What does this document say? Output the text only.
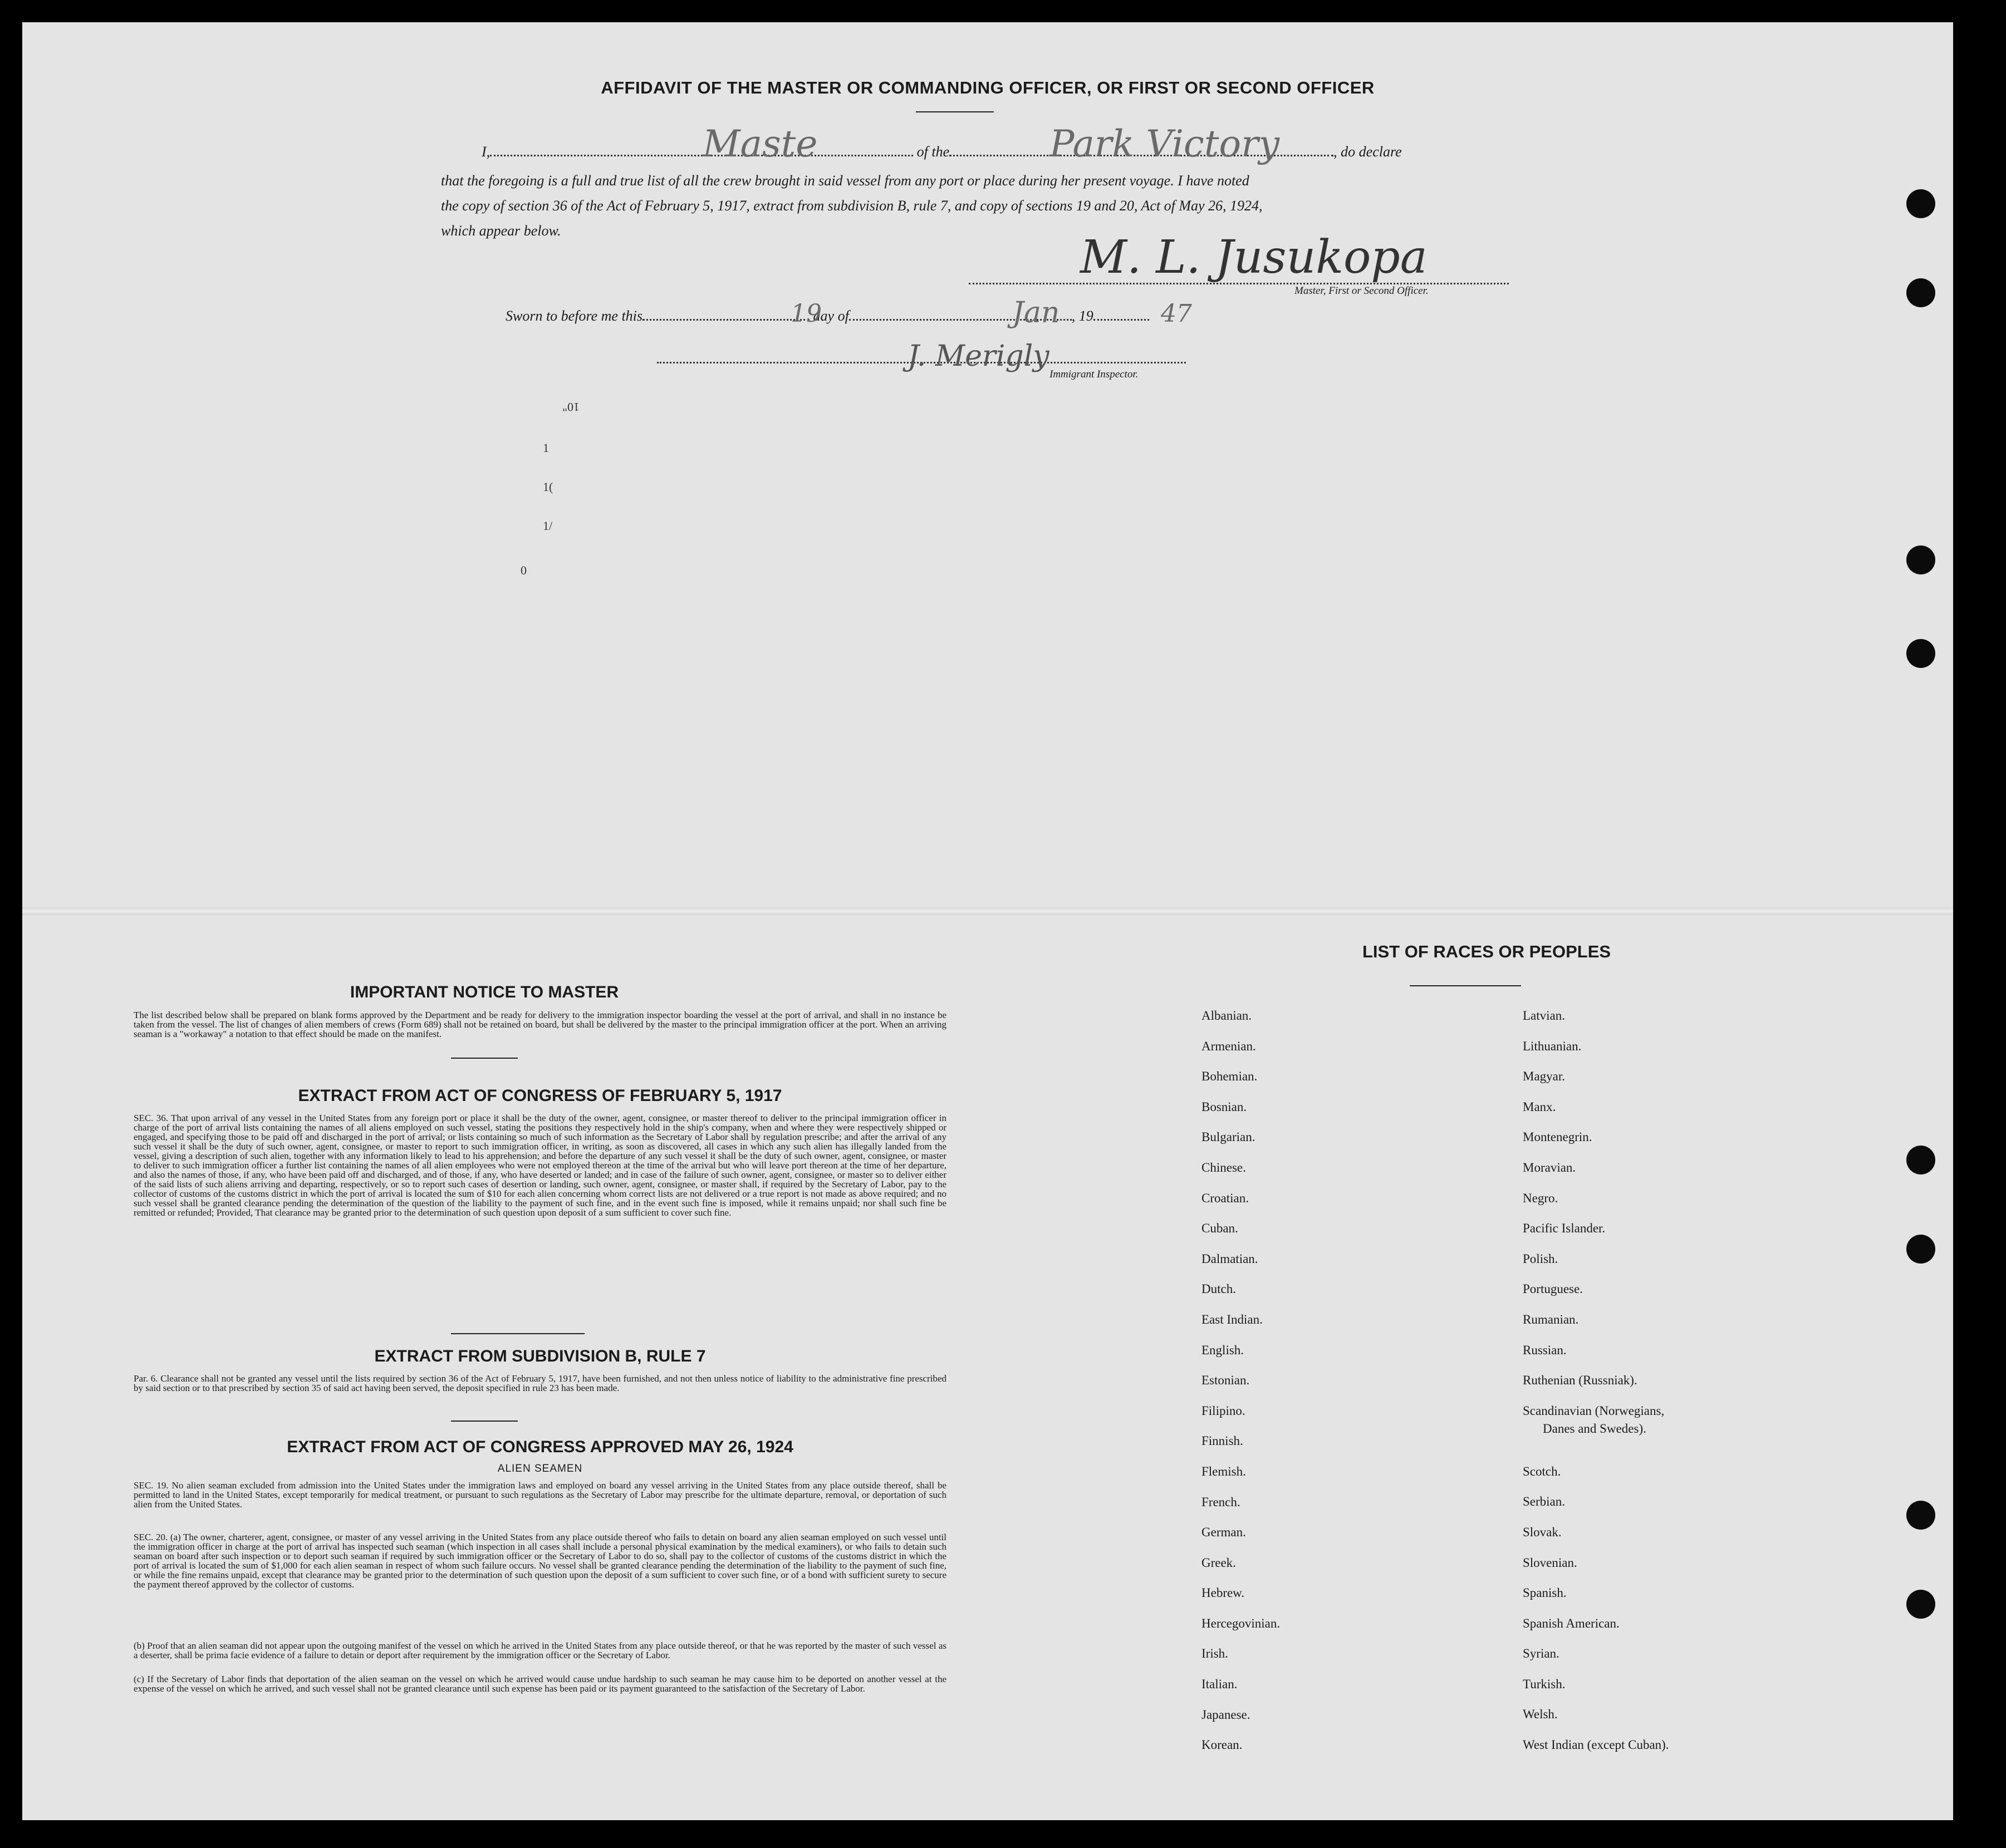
AFFIDAVIT OF THE MASTER OR COMMANDING OFFICER, OR FIRST OR SECOND OFFICER
I,	of the	, do declare
Maste	Park Victory
that the foregoing is a full and true list of all the crew brought in said vessel from any port or place during her present voyage. I have noted
the copy of section 36 of the Act of February 5, 1917, extract from subdivision B, rule 7, and copy of sections 19 and 20, Act of May 26, 1924,
which appear below.
M. L. Jusukopa
Master, First or Second Officer.
Sworn to before me this	day of	, 19
19	Jan	47
J. Merigly
Immigrant Inspector.
10"
1
1(
1/
0
IMPORTANT NOTICE TO MASTER

The list described below shall be prepared on blank forms approved by the Department and be ready for delivery to the immigration inspector boarding the vessel at the port of arrival, and shall in no instance be taken from the vessel. The list of changes of alien members of crews (Form 689) shall not be retained on board, but shall be delivered by the master to the principal immigration officer at the port. When an arriving seaman is a "workaway" a notation to that effect should be made on the manifest.

EXTRACT FROM ACT OF CONGRESS OF FEBRUARY 5, 1917

SEC. 36. That upon arrival of any vessel in the United States from any foreign port or place it shall be the duty of the owner, agent, consignee, or master thereof to deliver to the principal immigration officer in charge of the port of arrival lists containing the names of all aliens employed on such vessel, stating the positions they respectively hold in the ship's company, when and where they were respectively shipped or engaged, and specifying those to be paid off and discharged in the port of arrival; or lists containing so much of such information as the Secretary of Labor shall by regulation prescribe; and after the arrival of any such vessel it shall be the duty of such owner, agent, consignee, or master to report to such immigration officer, in writing, as soon as discovered, all cases in which any such alien has illegally landed from the vessel, giving a description of such alien, together with any information likely to lead to his apprehension; and before the departure of any such vessel it shall be the duty of such owner, agent, consignee, or master to deliver to such immigration officer a further list containing the names of all alien employees who were not employed thereon at the time of the arrival but who will leave port thereon at the time of her departure, and also the names of those, if any, who have been paid off and discharged, and of those, if any, who have deserted or landed; and in case of the failure of such owner, agent, consignee, or master so to deliver either of the said lists of such aliens arriving and departing, respectively, or so to report such cases of desertion or landing, such owner, agent, consignee, or master shall, if required by the Secretary of Labor, pay to the collector of customs of the customs district in which the port of arrival is located the sum of $10 for each alien concerning whom correct lists are not delivered or a true report is not made as above required; and no such vessel shall be granted clearance pending the determination of the question of the liability to the payment of such fine, and in the event such fine is imposed, while it remains unpaid; nor shall such fine be remitted or refunded; Provided, That clearance may be granted prior to the determination of such question upon deposit of a sum sufficient to cover such fine.

EXTRACT FROM SUBDIVISION B, RULE 7

Par. 6. Clearance shall not be granted any vessel until the lists required by section 36 of the Act of February 5, 1917, have been furnished, and not then unless notice of liability to the administrative fine prescribed by said section or to that prescribed by section 35 of said act having been served, the deposit specified in rule 23 has been made.

EXTRACT FROM ACT OF CONGRESS APPROVED MAY 26, 1924
ALIEN SEAMEN

SEC. 19. No alien seaman excluded from admission into the United States under the immigration laws and employed on board any vessel arriving in the United States from any place outside thereof, shall be permitted to land in the United States, except temporarily for medical treatment, or pursuant to such regulations as the Secretary of Labor may prescribe for the ultimate departure, removal, or deportation of such alien from the United States.

SEC. 20. (a) The owner, charterer, agent, consignee, or master of any vessel arriving in the United States from any place outside thereof who fails to detain on board any alien seaman employed on such vessel until the immigration officer in charge at the port of arrival has inspected such seaman (which inspection in all cases shall include a personal physical examination by the medical examiners), or who fails to detain such seaman on board after such inspection or to deport such seaman if required by such immigration officer or the Secretary of Labor to do so, shall pay to the collector of customs of the customs district in which the port of arrival is located the sum of $1,000 for each alien seaman in respect of whom such failure occurs. No vessel shall be granted clearance pending the determination of the liability to the payment of such fine, or while the fine remains unpaid, except that clearance may be granted prior to the determination of such question upon the deposit of a sum sufficient to cover such fine, or of a bond with sufficient surety to secure the payment thereof approved by the collector of customs.

(b) Proof that an alien seaman did not appear upon the outgoing manifest of the vessel on which he arrived in the United States from any place outside thereof, or that he was reported by the master of such vessel as a deserter, shall be prima facie evidence of a failure to detain or deport after requirement by the immigration officer or the Secretary of Labor.

(c) If the Secretary of Labor finds that deportation of the alien seaman on the vessel on which he arrived would cause undue hardship to such seaman he may cause him to be deported on another vessel at the expense of the vessel on which he arrived, and such vessel shall not be granted clearance until such expense has been paid or its payment guaranteed to the satisfaction of the Secretary of Labor.

LIST OF RACES OR PEOPLES
Albanian.
Armenian.
Bohemian.
Bosnian.
Bulgarian.
Chinese.
Croatian.
Cuban.
Dalmatian.
Dutch.
East Indian.
English.
Estonian.
Filipino.
Finnish.
Flemish.
French.
German.
Greek.
Hebrew.
Hercegovinian.
Irish.
Italian.
Japanese.
Korean.
Latvian.
Lithuanian.
Magyar.
Manx.
Montenegrin.
Moravian.
Negro.
Pacific Islander.
Polish.
Portuguese.
Rumanian.
Russian.
Ruthenian (Russniak).
Scandinavian (Norwegians,
Danes and Swedes).
Scotch.
Serbian.
Slovak.
Slovenian.
Spanish.
Spanish American.
Syrian.
Turkish.
Welsh.
West Indian (except Cuban).
